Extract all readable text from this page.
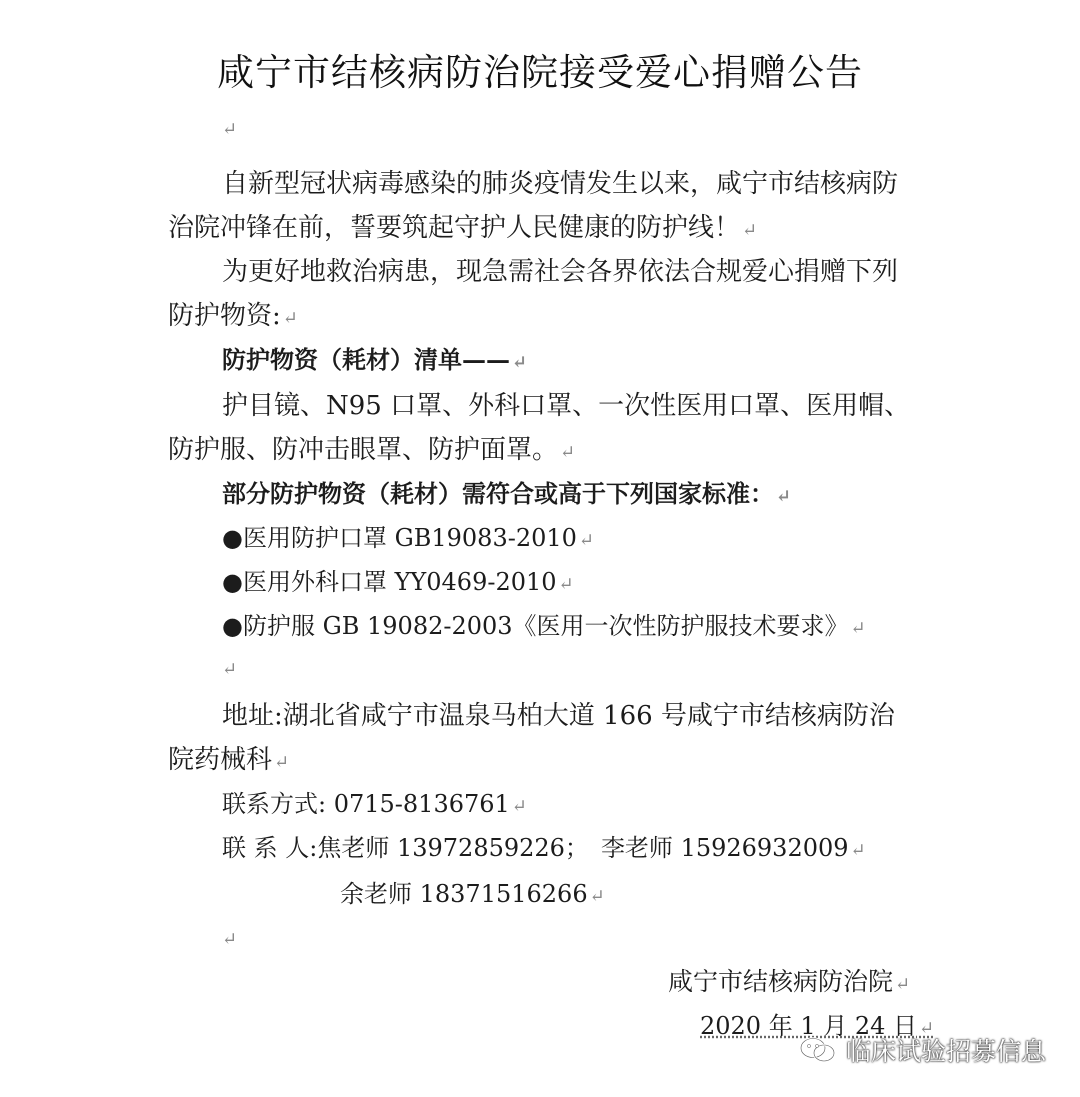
咸宁市结核病防治院接受爱心捐赠公告
↵
自新型冠状病毒感染的肺炎疫情发生以来，咸宁市结核病防
治院冲锋在前，誓要筑起守护人民健康的防护线！ ↵
为更好地救治病患，现急需社会各界依法合规爱心捐赠下列
防护物资: ↵
防护物资（耗材）清单—— ↵
护目镜、N95 口罩、外科口罩、一次性医用口罩、医用帽、
防护服、防冲击眼罩、防护面罩。 ↵
部分防护物资（耗材）需符合或高于下列国家标准： ↵
●医用防护口罩 GB19083-2010 ↵
●医用外科口罩 YY0469-2010 ↵
●防护服 GB 19082-2003《医用一次性防护服技术要求》 ↵
↵
地址:湖北省咸宁市温泉马柏大道 166 号咸宁市结核病防治
院药械科 ↵
联系方式: 0715-8136761 ↵
联 系 人:焦老师 13972859226； 李老师 15926932009 ↵
余老师 18371516266 ↵
↵
咸宁市结核病防治院 ↵
2020 年 1 月 24 日 ↵
临床试验招募信息
